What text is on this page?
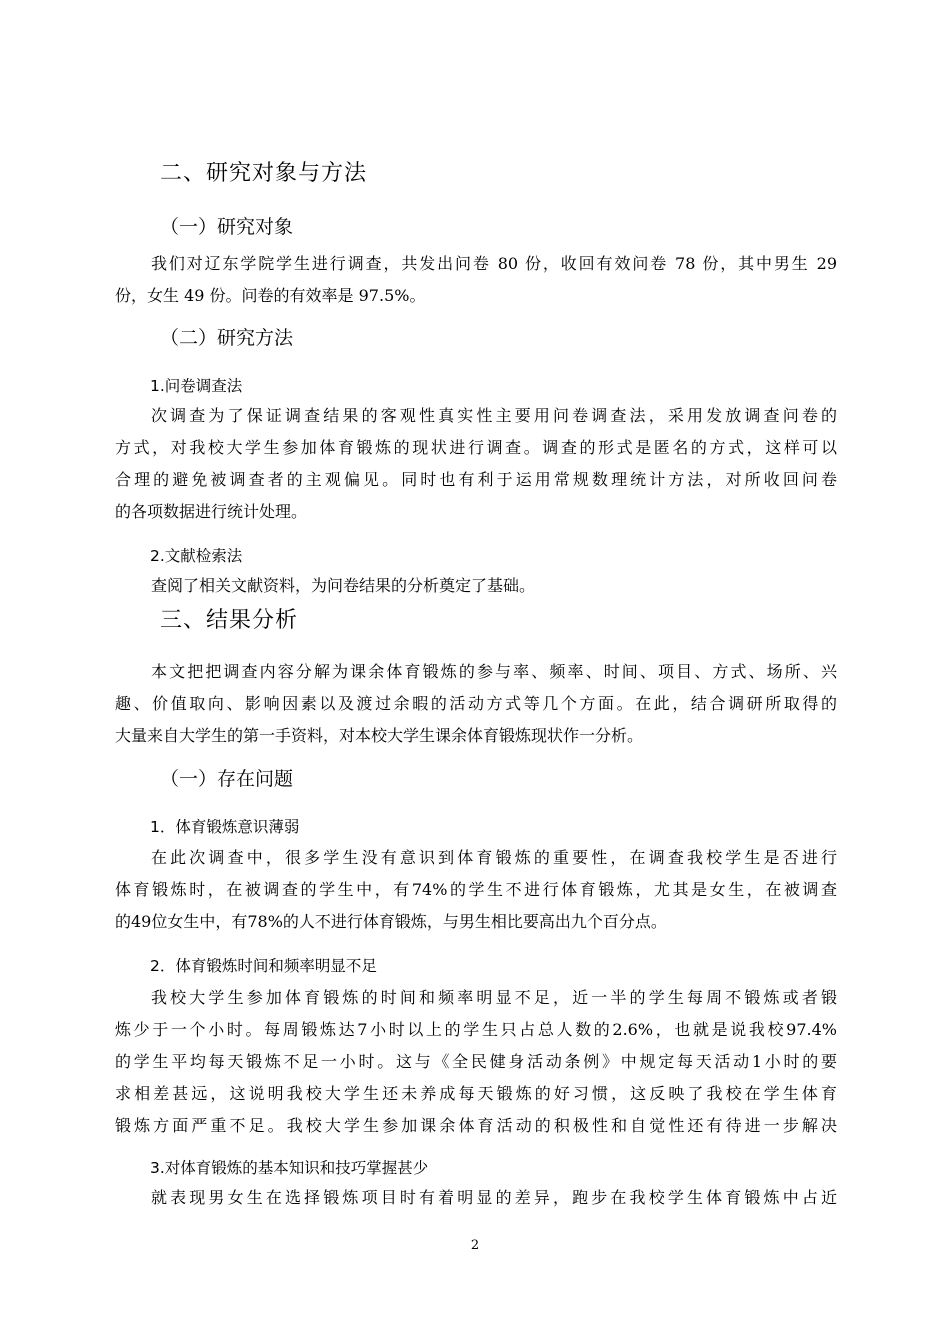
二、研究对象与方法
（一）研究对象
我们对辽东学院学生进行调查，共发出问卷 80 份，收回有效问卷 78 份，其中男生 29
份，女生 49 份。问卷的有效率是 97.5%。
（二）研究方法
1.问卷调查法
次调查为了保证调查结果的客观性真实性主要用问卷调查法，采用发放调查问卷的
方式，对我校大学生参加体育锻炼的现状进行调查。调查的形式是匿名的方式，这样可以
合理的避免被调查者的主观偏见。同时也有利于运用常规数理统计方法，对所收回问卷
的各项数据进行统计处理。
2.文献检索法
查阅了相关文献资料，为问卷结果的分析奠定了基础。
三、结果分析
本文把把调查内容分解为课余体育锻炼的参与率、频率、时间、项目、方式、场所、兴
趣、价值取向、影响因素以及渡过余暇的活动方式等几个方面。在此，结合调研所取得的
大量来自大学生的第一手资料，对本校大学生课余体育锻炼现状作一分析。
（一）存在问题
1．体育锻炼意识薄弱
在此次调查中，很多学生没有意识到体育锻炼的重要性，在调查我校学生是否进行
体育锻炼时，在被调查的学生中，有74%的学生不进行体育锻炼，尤其是女生，在被调查
的49位女生中，有78%的人不进行体育锻炼，与男生相比要高出九个百分点。
2．体育锻炼时间和频率明显不足
我校大学生参加体育锻炼的时间和频率明显不足，近一半的学生每周不锻炼或者锻
炼少于一个小时。每周锻炼达7小时以上的学生只占总人数的2.6%，也就是说我校97.4%
的学生平均每天锻炼不足一小时。这与《全民健身活动条例》中规定每天活动1小时的要
求相差甚远，这说明我校大学生还未养成每天锻炼的好习惯，这反映了我校在学生体育
锻炼方面严重不足。我校大学生参加课余体育活动的积极性和自觉性还有待进一步解决
3.对体育锻炼的基本知识和技巧掌握甚少
就表现男女生在选择锻炼项目时有着明显的差异，跑步在我校学生体育锻炼中占近
2
